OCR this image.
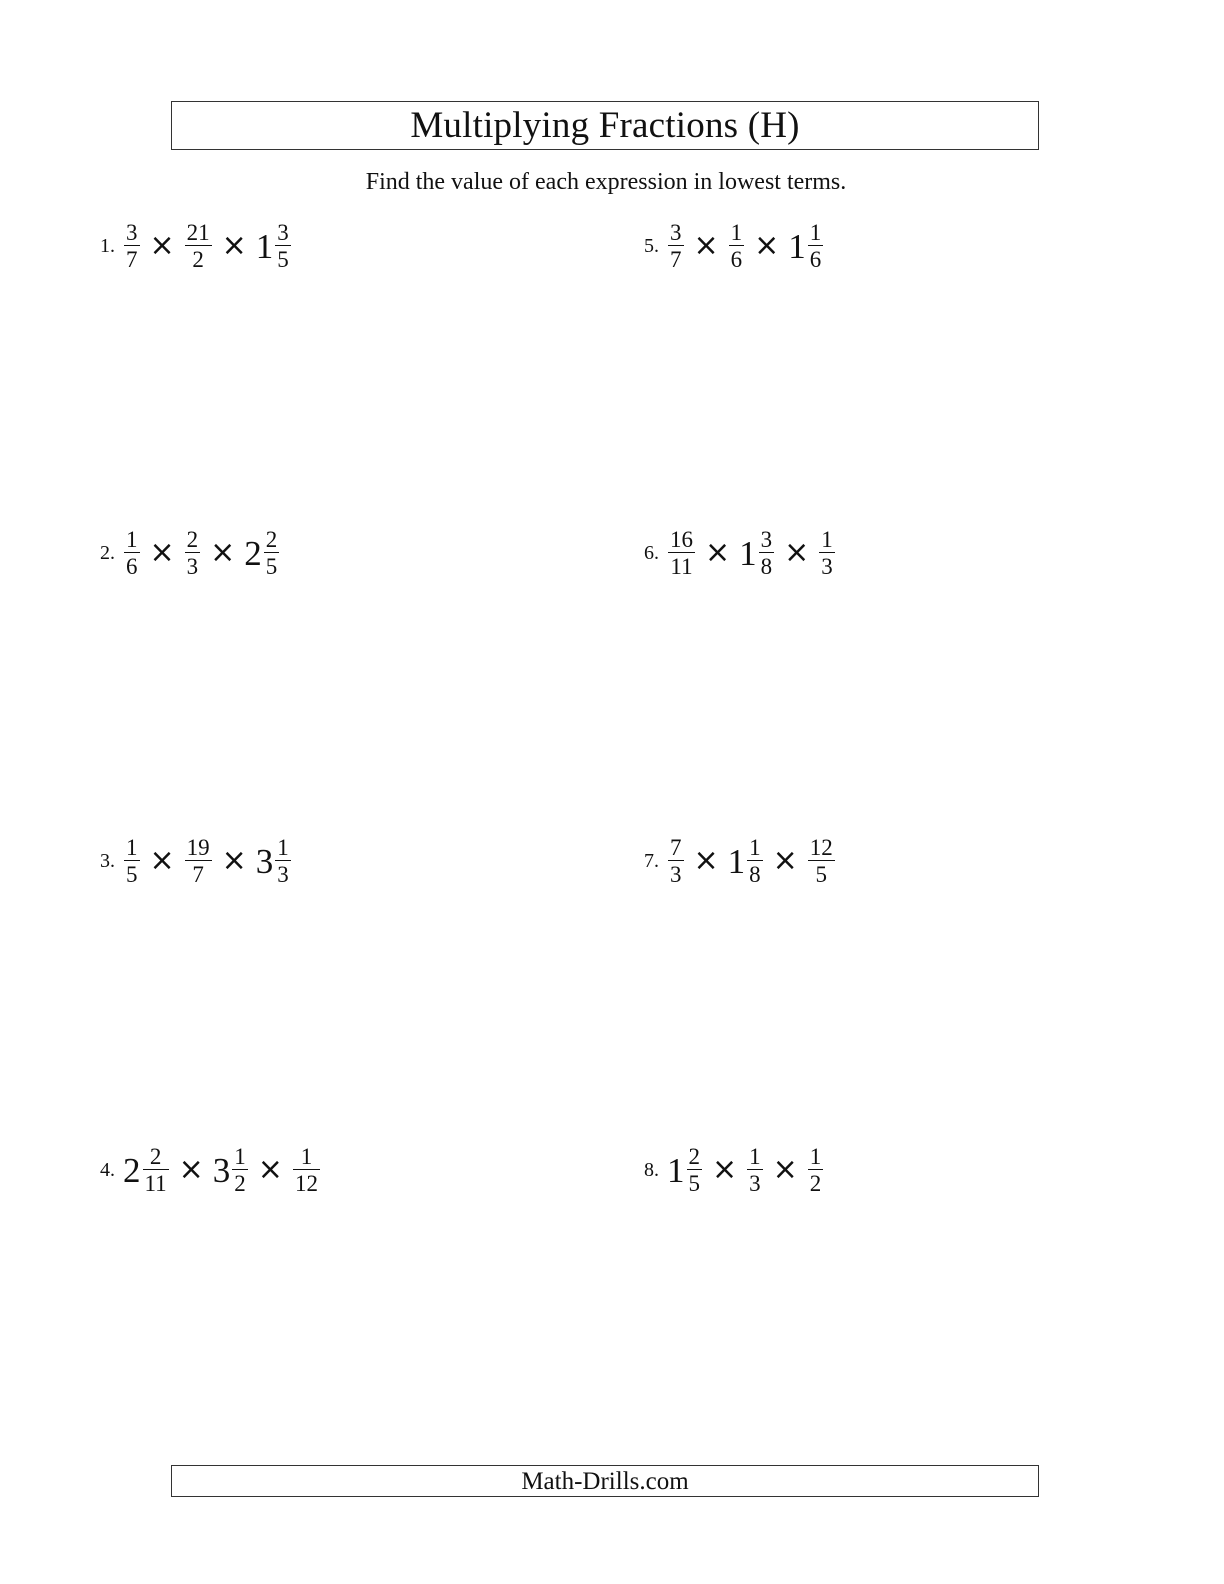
Multiplying Fractions (H)
Find the value of each expression in lowest terms.
1. $\frac{3}{7} \times \frac{21}{2} \times 1 \frac{3}{5}$
2. $\frac{1}{6} \times \frac{2}{3} \times 2 \frac{2}{5}$
3. $\frac{1}{5} \times \frac{19}{7} \times 3 \frac{1}{3}$
4. $2 \frac{2}{11} \times 3 \frac{1}{2} \times \frac{1}{12}$
5. $\frac{3}{7} \times \frac{1}{6} \times 1 \frac{1}{6}$
6. $\frac{16}{11} \times 1 \frac{3}{8} \times \frac{1}{3}$
7. $\frac{7}{3} \times 1 \frac{1}{8} \times \frac{12}{5}$
8. $1 \frac{2}{5} \times \frac{1}{3} \times \frac{1}{2}$
Math-Drills.com
